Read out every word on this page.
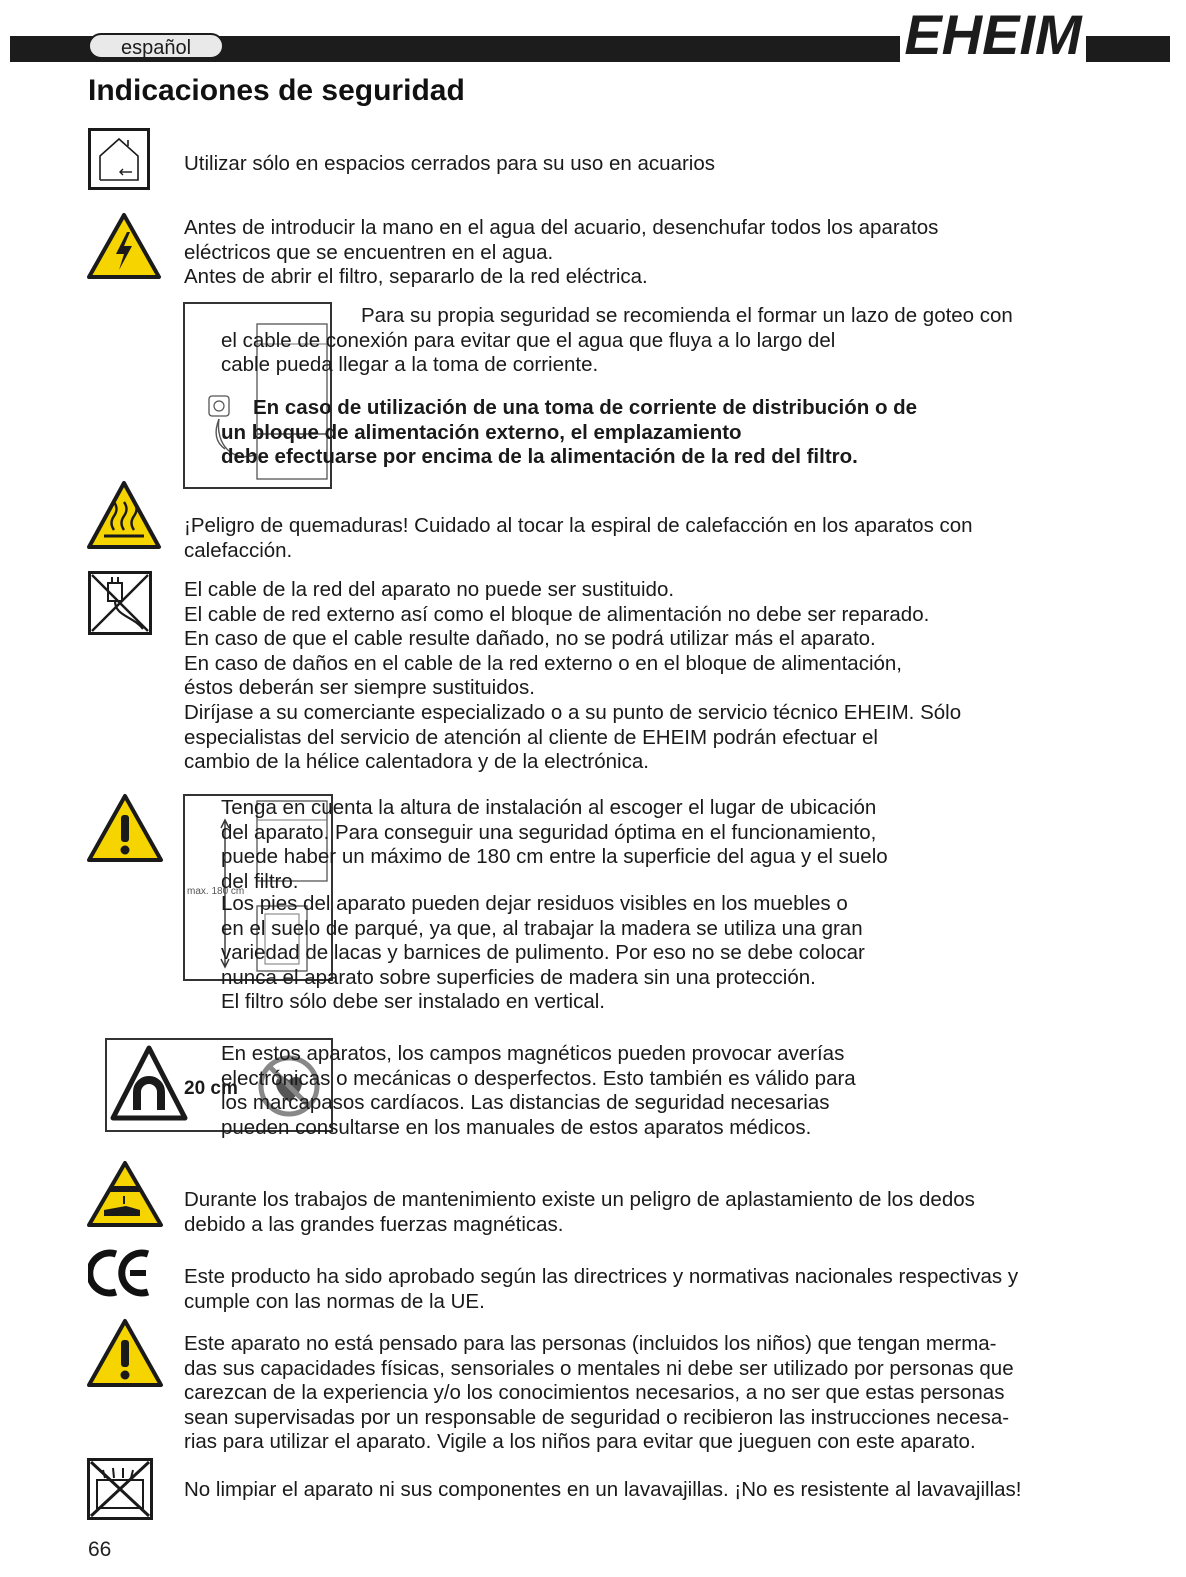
español	EHEIM
Indicaciones de seguridad

Utilizar sólo en espacios cerrados para su uso en acuarios

Antes de introducir la mano en el agua del acuario, desenchufar todos los aparatos

eléctricos que se encuentren en el agua.

Antes de abrir el filtro, separarlo de la red eléctrica.

Para su propia seguridad se recomienda el formar un lazo de goteo con

el cable de conexión para evitar que el agua que fluya a lo largo del

cable pueda llegar a la toma de corriente.

En caso de utilización de una toma de corriente de distribución o de

un bloque de alimentación externo, el emplazamiento

debe efectuarse por encima de la alimentación de la red del filtro.

¡Peligro de quemaduras! Cuidado al tocar la espiral de calefacción en los aparatos con

calefacción.

El cable de la red del aparato no puede ser sustituido.

El cable de red externo así como el bloque de alimentación no debe ser reparado.

En caso de que el cable resulte dañado, no se podrá utilizar más el aparato.

En caso de daños en el cable de la red externo o en el bloque de alimentación,

éstos deberán ser siempre sustituidos.

Diríjase a su comerciante especializado o a su punto de servicio técnico EHEIM. Sólo

especialistas del servicio de atención al cliente de EHEIM podrán efectuar el

cambio de la hélice calentadora y de la electrónica.

max. 180 cm

Tenga en cuenta la altura de instalación al escoger el lugar de ubicación

del aparato. Para conseguir una seguridad óptima en el funcionamiento,

puede haber un máximo de 180 cm entre la superficie del agua y el suelo

del filtro.

Los pies del aparato pueden dejar residuos visibles en los muebles o

en el suelo de parqué, ya que, al trabajar la madera se utiliza una gran

variedad de lacas y barnices de pulimento. Por eso no se debe colocar

nunca el aparato sobre superficies de madera sin una protección.

El filtro sólo debe ser instalado en vertical.

20 cm

En estos aparatos, los campos magnéticos pueden provocar averías

electrónicas o mecánicas o desperfectos. Esto también es válido para

los marcapasos cardíacos. Las distancias de seguridad necesarias

pueden consultarse en los manuales de estos aparatos médicos.

Durante los trabajos de mantenimiento existe un peligro de aplastamiento de los dedos

debido a las grandes fuerzas magnéticas.

Este producto ha sido aprobado según las directrices y normativas nacionales respectivas y

cumple con las normas de la UE.

Este aparato no está pensado para las personas (incluidos los niños) que tengan merma-

das sus capacidades físicas, sensoriales o mentales ni debe ser utilizado por personas que

carezcan de la experiencia y/o los conocimientos necesarios, a no ser que estas personas

sean supervisadas por un responsable de seguridad o recibieron las instrucciones necesa-

rias para utilizar el aparato. Vigile a los niños para evitar que jueguen con este aparato.

No limpiar el aparato ni sus componentes en un lavavajillas. ¡No es resistente al lavavajillas!

66
